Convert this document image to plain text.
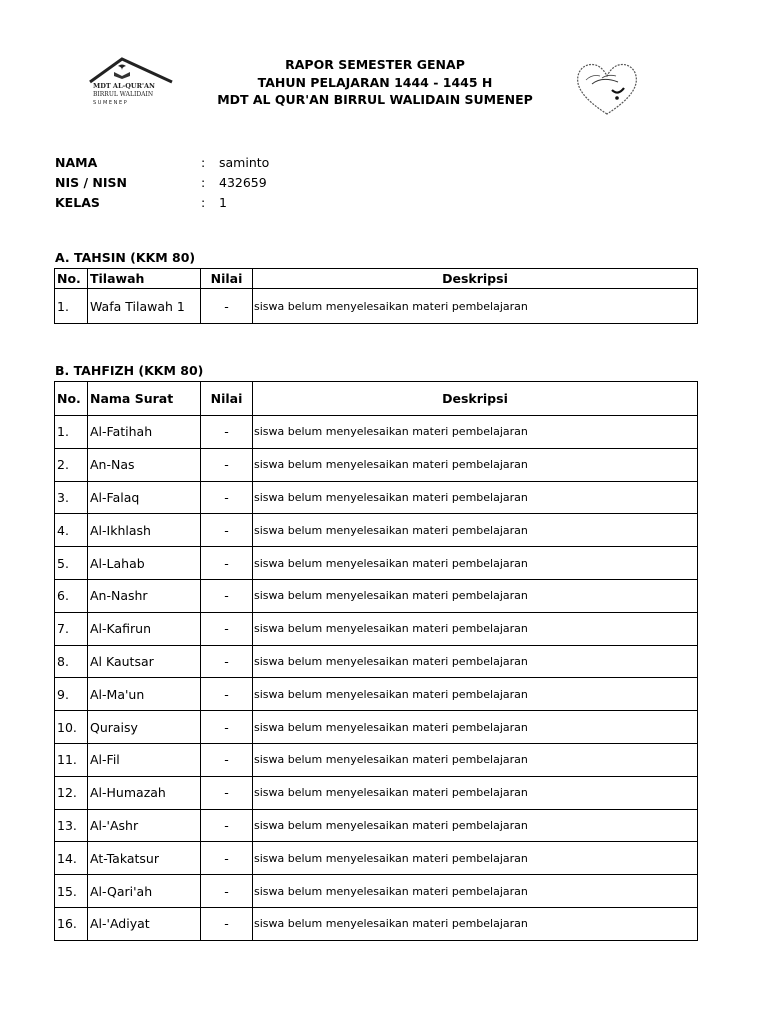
MDT AL-QUR'AN
BIRRUL WALIDAIN
S U M E N E P
RAPOR SEMESTER GENAP
TAHUN PELAJARAN 1444 - 1445 H
MDT AL QUR'AN BIRRUL WALIDAIN SUMENEP
NAMA	:	saminto
NIS / NISN	:	432659
KELAS	:	1
A. TAHSIN (KKM 80)
No.	Tilawah	Nilai	Deskripsi
1.	Wafa Tilawah 1	-	siswa belum menyelesaikan materi pembelajaran
B. TAHFIZH (KKM 80)
No.	Nama Surat	Nilai	Deskripsi
1.	Al-Fatihah	-	siswa belum menyelesaikan materi pembelajaran
2.	An-Nas	-	siswa belum menyelesaikan materi pembelajaran
3.	Al-Falaq	-	siswa belum menyelesaikan materi pembelajaran
4.	Al-Ikhlash	-	siswa belum menyelesaikan materi pembelajaran
5.	Al-Lahab	-	siswa belum menyelesaikan materi pembelajaran
6.	An-Nashr	-	siswa belum menyelesaikan materi pembelajaran
7.	Al-Kafirun	-	siswa belum menyelesaikan materi pembelajaran
8.	Al Kautsar	-	siswa belum menyelesaikan materi pembelajaran
9.	Al-Ma'un	-	siswa belum menyelesaikan materi pembelajaran
10.	Quraisy	-	siswa belum menyelesaikan materi pembelajaran
11.	Al-Fil	-	siswa belum menyelesaikan materi pembelajaran
12.	Al-Humazah	-	siswa belum menyelesaikan materi pembelajaran
13.	Al-'Ashr	-	siswa belum menyelesaikan materi pembelajaran
14.	At-Takatsur	-	siswa belum menyelesaikan materi pembelajaran
15.	Al-Qari'ah	-	siswa belum menyelesaikan materi pembelajaran
16.	Al-'Adiyat	-	siswa belum menyelesaikan materi pembelajaran
